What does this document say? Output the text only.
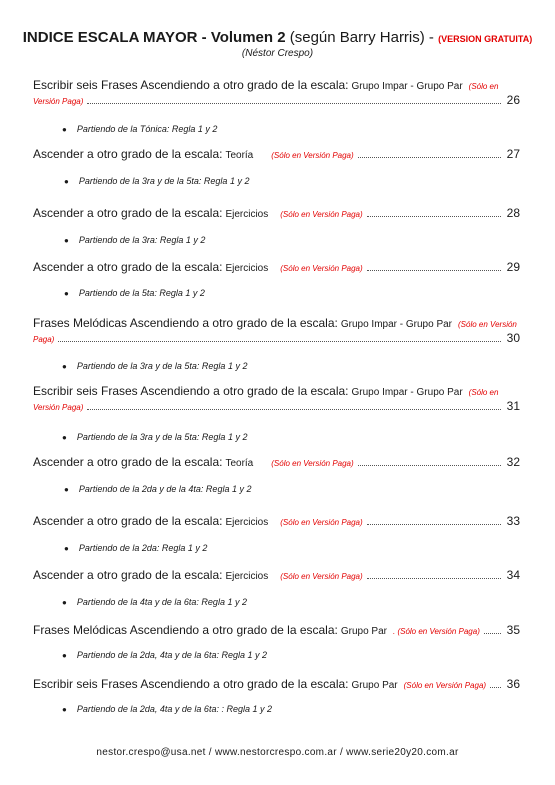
INDICE ESCALA MAYOR - Volumen 2 (según Barry Harris) - (VERSION GRATUITA)
(Néstor Crespo)
Escribir seis Frases Ascendiendo a otro grado de la escala: Grupo Impar - Grupo Par (Sólo en
Versión Paga)	26
● Partiendo de la Tónica: Regla 1 y 2
Ascender a otro grado de la escala: Teoría (Sólo en Versión Paga)	27
● Partiendo de la 3ra y de la 5ta: Regla 1 y 2
Ascender a otro grado de la escala: Ejercicios (Sólo en Versión Paga)	28
● Partiendo de la 3ra: Regla 1 y 2
Ascender a otro grado de la escala: Ejercicios (Sólo en Versión Paga)	29
● Partiendo de la 5ta: Regla 1 y 2
Frases Melódicas Ascendiendo a otro grado de la escala: Grupo Impar - Grupo Par (Sólo en Versión
Paga)	30
● Partiendo de la 3ra y de la 5ta: Regla 1 y 2
Escribir seis Frases Ascendiendo a otro grado de la escala: Grupo Impar - Grupo Par (Sólo en
Versión Paga)	31
● Partiendo de la 3ra y de la 5ta: Regla 1 y 2
Ascender a otro grado de la escala: Teoría (Sólo en Versión Paga)	32
● Partiendo de la 2da y de la 4ta: Regla 1 y 2
Ascender a otro grado de la escala: Ejercicios (Sólo en Versión Paga)	33
● Partiendo de la 2da: Regla 1 y 2
Ascender a otro grado de la escala: Ejercicios (Sólo en Versión Paga)	34
● Partiendo de la 4ta y de la 6ta: Regla 1 y 2
Frases Melódicas Ascendiendo a otro grado de la escala: Grupo Par . (Sólo en Versión Paga) 35
● Partiendo de la 2da, 4ta y de la 6ta: Regla 1 y 2
Escribir seis Frases Ascendiendo a otro grado de la escala: Grupo Par (Sólo en Versión Paga) 36
● Partiendo de la 2da, 4ta y de la 6ta: : Regla 1 y 2
nestor.crespo@usa.net / www.nestorcrespo.com.ar / www.serie20y20.com.ar
